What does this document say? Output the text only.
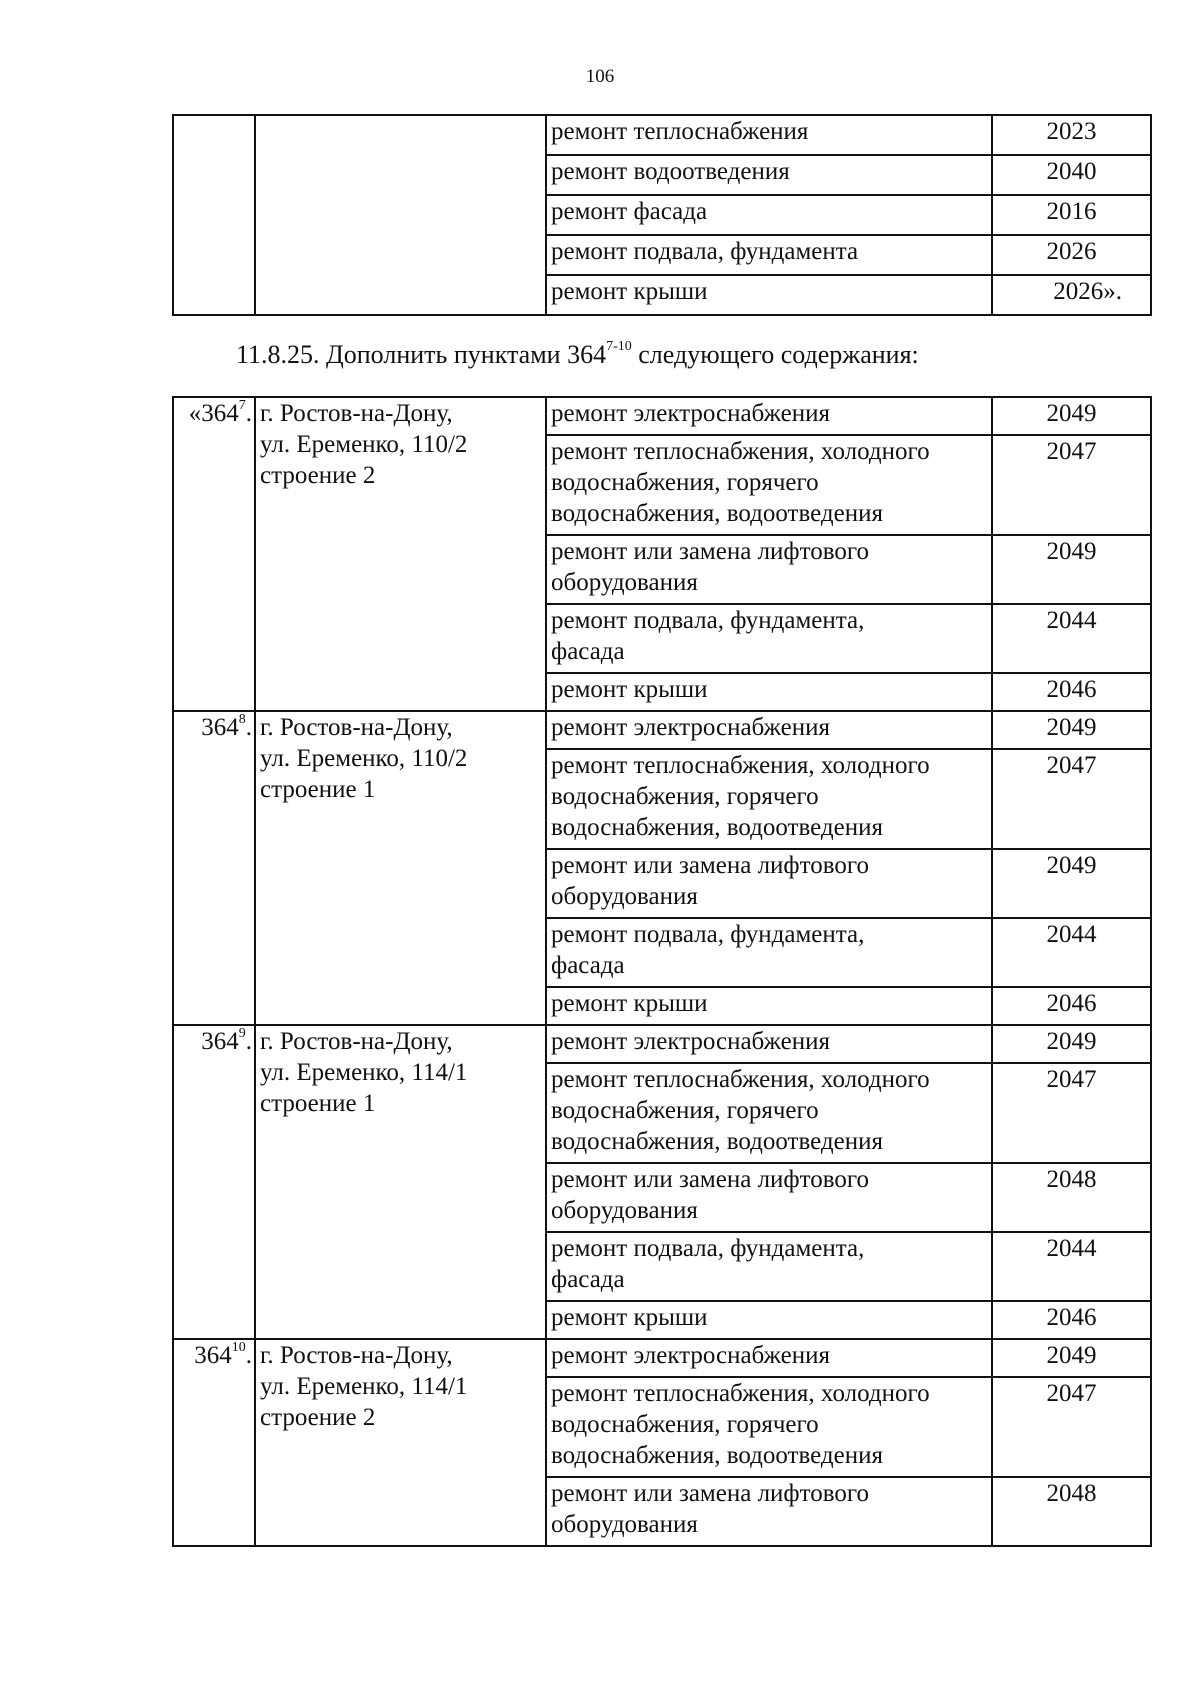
106
		ремонт теплоснабжения	2023
		ремонт водоотведения	2040
		ремонт фасада	2016
		ремонт подвала, фундамента	2026
		ремонт крыши	2026».
11.8.25. Дополнить пунктами 364$^{7-10}$ следующего содержания:
«$364^7$.	г. Ростов-на-Дону,
ул. Еременко, 110/2
строение 2	ремонт электроснабжения	2049

		ремонт теплоснабжения, холодного
водоснабжения, горячего
водоснабжения, водоотведения	2047

		ремонт или замена лифтового
оборудования	2049

		ремонт подвала, фундамента,
фасада	2044

		ремонт крыши	2046
$364^8$.	г. Ростов-на-Дону,
ул. Еременко, 110/2
строение 1	ремонт электроснабжения	2049

		ремонт теплоснабжения, холодного
водоснабжения, горячего
водоснабжения, водоотведения	2047

		ремонт или замена лифтового
оборудования	2049

		ремонт подвала, фундамента,
фасада	2044

		ремонт крыши	2046
$364^9$.	г. Ростов-на-Дону,
ул. Еременко, 114/1
строение 1	ремонт электроснабжения	2049

		ремонт теплоснабжения, холодного
водоснабжения, горячего
водоснабжения, водоотведения	2047

		ремонт или замена лифтового
оборудования	2048

		ремонт подвала, фундамента,
фасада	2044

		ремонт крыши	2046
$364^{10}$.	г. Ростов-на-Дону,
ул. Еременко, 114/1
строение 2	ремонт электроснабжения	2049

		ремонт теплоснабжения, холодного
водоснабжения, горячего
водоснабжения, водоотведения	2047

		ремонт или замена лифтового
оборудования	2048
